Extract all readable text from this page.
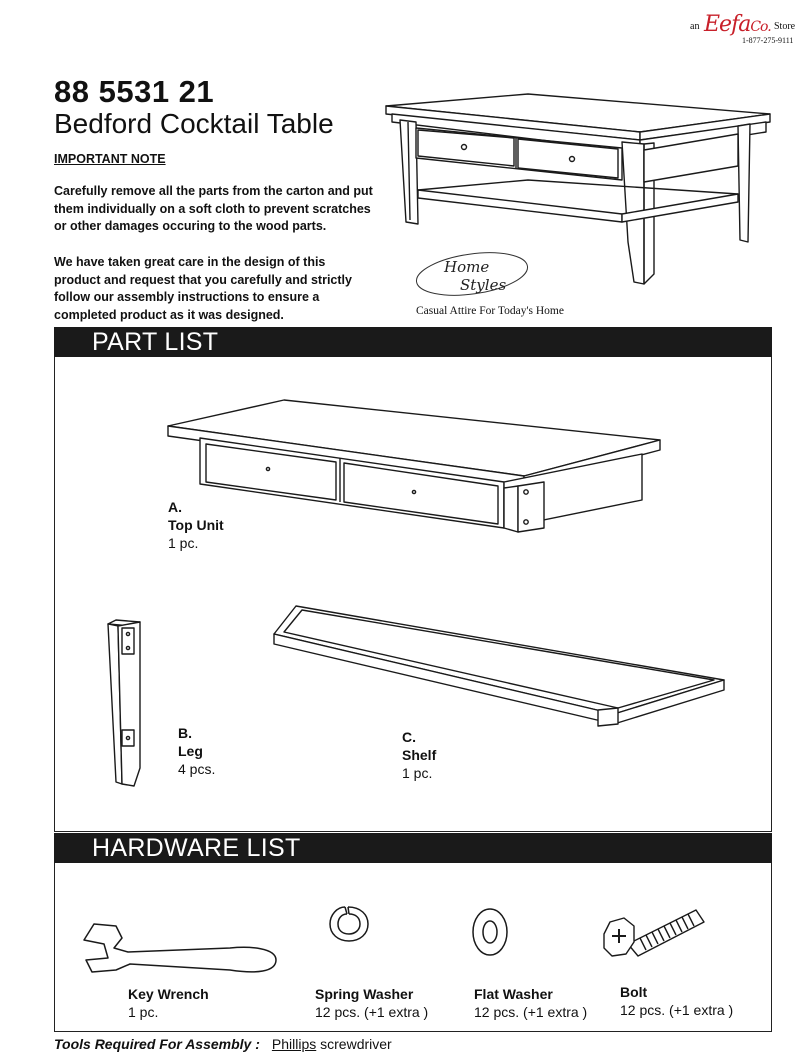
an EefaCo. Store
1-877-275-9111
88 5531 21
Bedford Cocktail Table
IMPORTANT NOTE
Carefully remove all the parts from the carton and put them individually on a soft cloth to prevent scratches or other damages occuring to the wood parts.
We have taken great care in the design of this product and request that you carefully and strictly follow our assembly instructions to ensure a completed product as it was designed.
Home
Styles
Casual Attire For Today's Home
PART LIST
A.
Top Unit
1 pc.
B.
Leg
4 pcs.
C.
Shelf
1 pc.
HARDWARE LIST
Key Wrench
1 pc.
Spring Washer
12 pcs. (+1 extra )
Flat Washer
12 pcs. (+1 extra )
Bolt
12 pcs. (+1 extra )
Tools Required For Assembly : Phillips screwdriver
